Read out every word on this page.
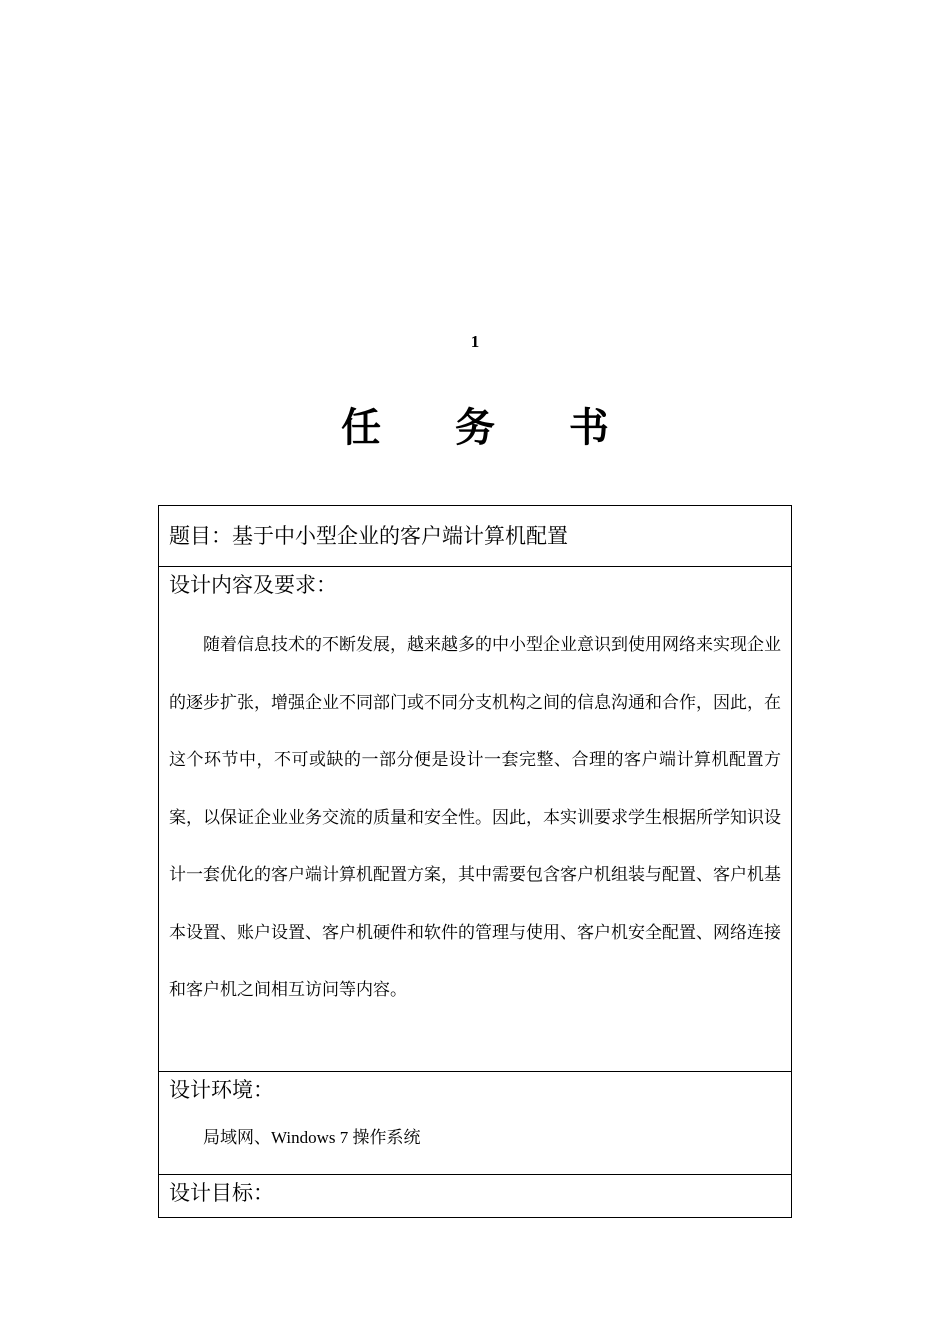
1
任 务 书
题目：基于中小型企业的客户端计算机配置

设计内容及要求：

随着信息技术的不断发展，越来越多的中小型企业意识到使用网络来实现企业的逐步扩张，增强企业不同部门或不同分支机构之间的信息沟通和合作，因此，在这个环节中，不可或缺的一部分便是设计一套完整、合理的客户端计算机配置方案，以保证企业业务交流的质量和安全性。因此，本实训要求学生根据所学知识设计一套优化的客户端计算机配置方案，其中需要包含客户机组装与配置、客户机基本设置、账户设置、客户机硬件和软件的管理与使用、客户机安全配置、网络连接和客户机之间相互访问等内容。

设计环境：

局域网、Windows 7 操作系统

设计目标：
